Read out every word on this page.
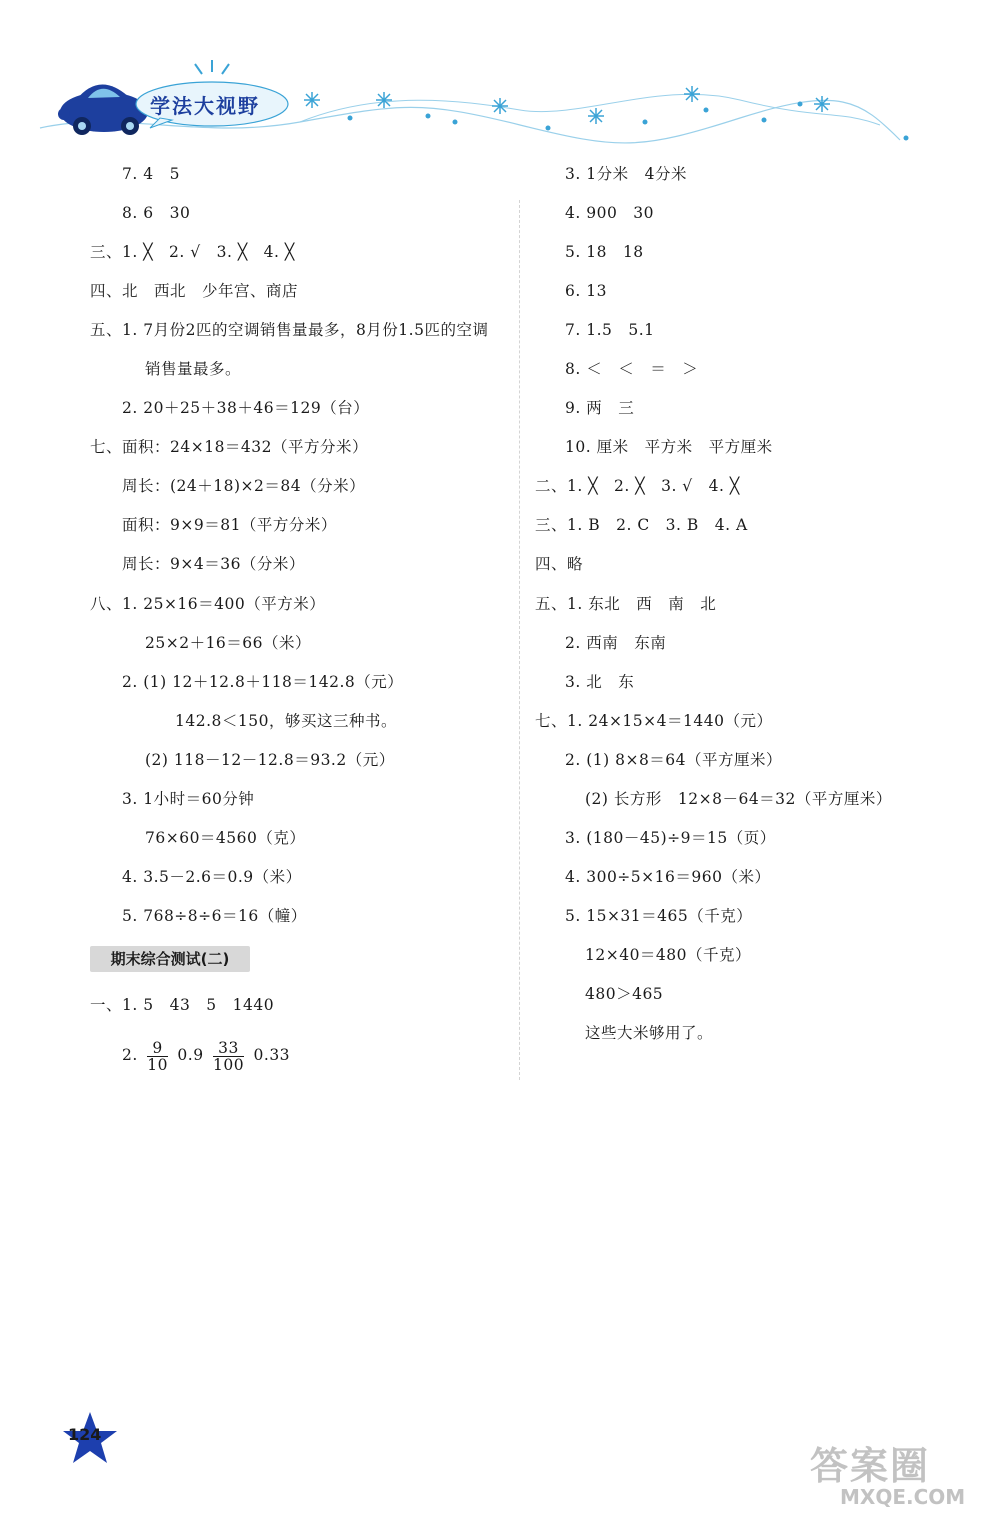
学法大视野
7. 4　5
8. 6　30
三、1. ╳　2. √　3. ╳　4. ╳
四、北　西北　少年宫、商店
五、1. 7月份2匹的空调销售量最多，8月份1.5匹的空调
销售量最多。
2. 20＋25＋38＋46＝129（台）
七、面积：24×18＝432（平方分米）
周长：(24＋18)×2＝84（分米）
面积：9×9＝81（平方分米）
周长：9×4＝36（分米）
八、1. 25×16＝400（平方米）
25×2＋16＝66（米）
2. (1) 12＋12.8＋118＝142.8（元）
142.8＜150，够买这三种书。
(2) 118－12－12.8＝93.2（元）
3. 1小时＝60分钟
76×60＝4560（克）
4. 3.5－2.6＝0.9（米）
5. 768÷8÷6＝16（幢）
期末综合测试(二)
一、1. 5　43　5　1440
2. $\frac{9}{10} 0.9 \frac{33}{100} 0.33$
3. 1分米　4分米
4. 900　30
5. 18　18
6. 13
7. 1.5　5.1
8. ＜　＜　＝　＞
9. 两　三
10. 厘米　平方米　平方厘米
二、1. ╳　2. ╳　3. √　4. ╳
三、1. B　2. C　3. B　4. A
四、略
五、1. 东北　西　南　北
2. 西南　东南
3. 北　东
七、1. 24×15×4＝1440（元）
2. (1) 8×8＝64（平方厘米）
(2) 长方形　12×8－64＝32（平方厘米）
3. (180－45)÷9＝15（页）
4. 300÷5×16＝960（米）
5. 15×31＝465（千克）
12×40＝480（千克）
480＞465
这些大米够用了。
124
答案圈
MXQE.COM
